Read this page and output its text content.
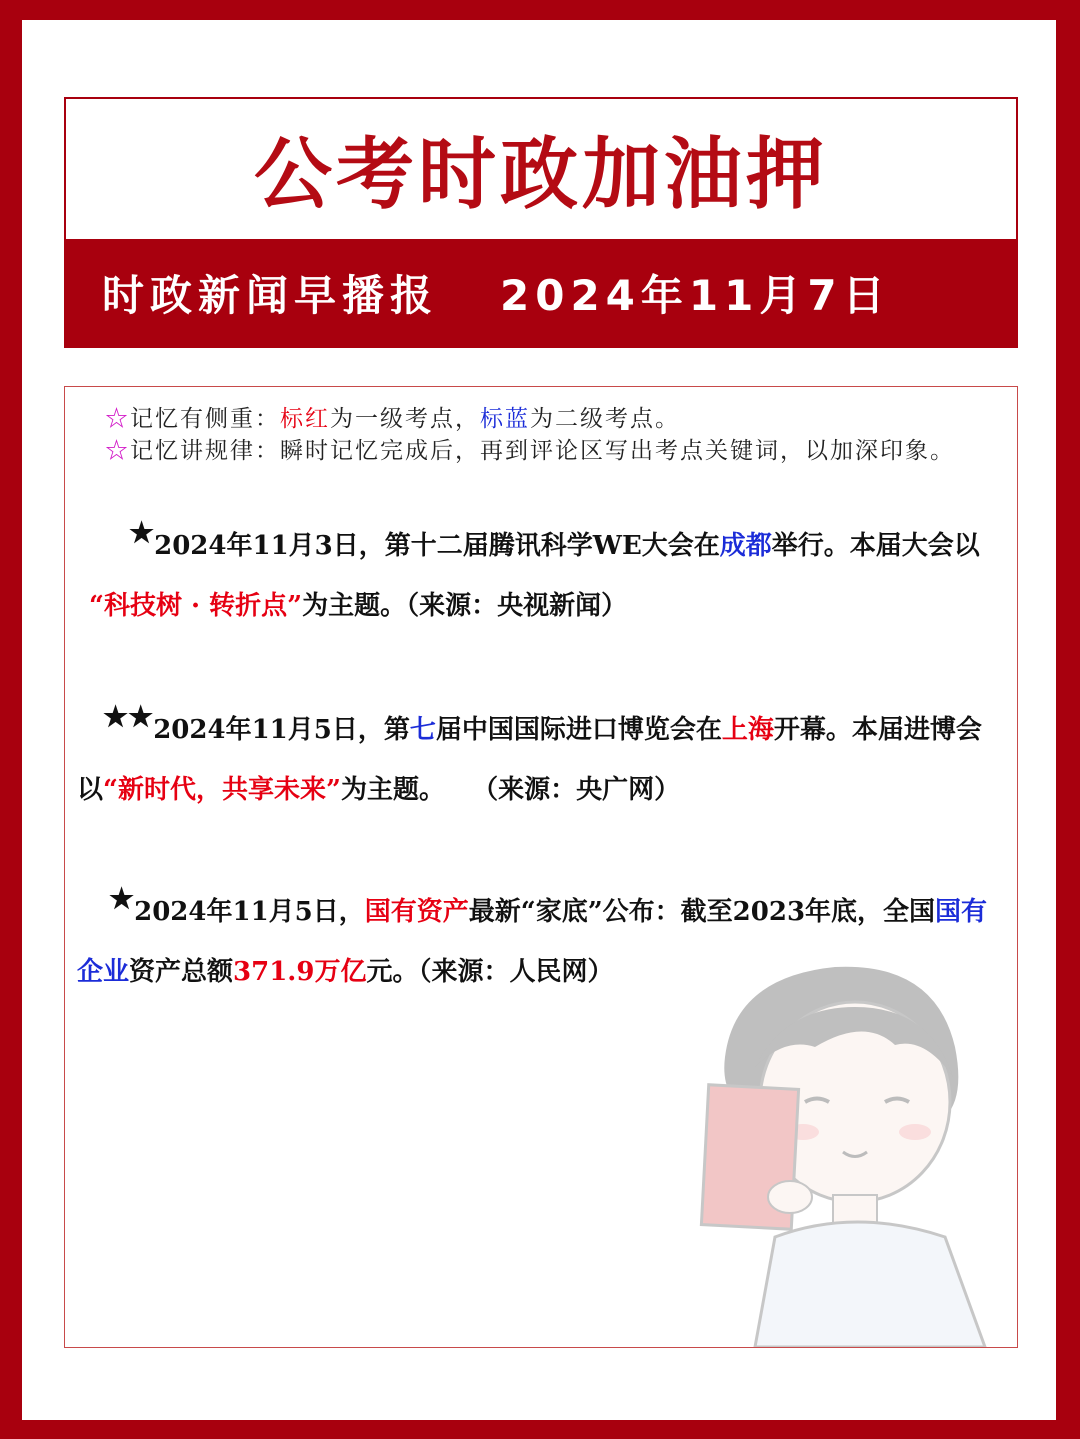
公考时政加油押
时政新闻早播报 2024年11月7日
☆记忆有侧重：标红为一级考点，标蓝为二级考点。
☆记忆讲规律：瞬时记忆完成后，再到评论区写出考点关键词，以加深印象。
★2024年11月3日，第十二届腾讯科学WE大会在成都举行。本届大会以
“科技树 · 转折点”为主题。（来源：央视新闻）
★★2024年11月5日，第七届中国国际进口博览会在上海开幕。本届进博会以“新时代，共享未来”为主题。   （来源：央广网）
★2024年11月5日，国有资产最新“家底”公布：截至2023年底，全国国有企业资产总额371.9万亿元。（来源：人民网）
